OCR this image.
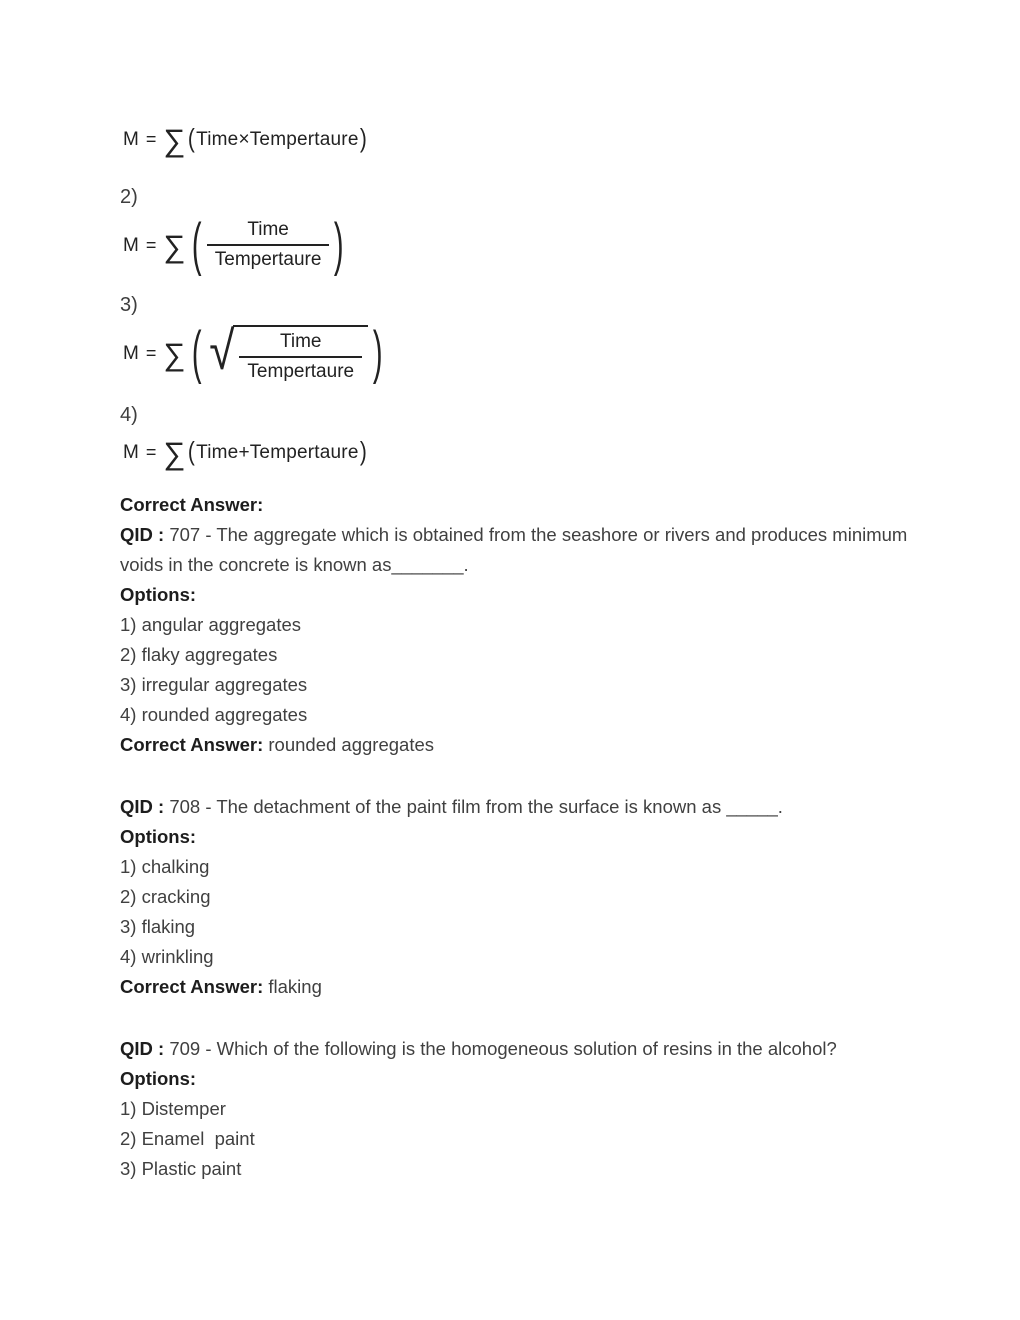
M = ∑ ( Time×Tempertaure )

2)

M = ∑ ( $\frac{\text{Time}}{\text{Tempertaure}}$ )

3)

M = ∑ ( √ $\frac{\text{Time}}{\text{Tempertaure}}$ )

4)

M = ∑ ( Time+Tempertaure )

Correct Answer:

QID : 707 - The aggregate which is obtained from the seashore or rivers and produces minimum voids in the concrete is known as_______.

Options:

1) angular aggregates

2) flaky aggregates

3) irregular aggregates

4) rounded aggregates

Correct Answer: rounded aggregates

QID : 708 - The detachment of the paint film from the surface is known as _____.

Options:

1) chalking

2) cracking

3) flaking

4) wrinkling

Correct Answer: flaking

QID : 709 - Which of the following is the homogeneous solution of resins in the alcohol?

Options:

1) Distemper

2) Enamel  paint

3) Plastic paint
